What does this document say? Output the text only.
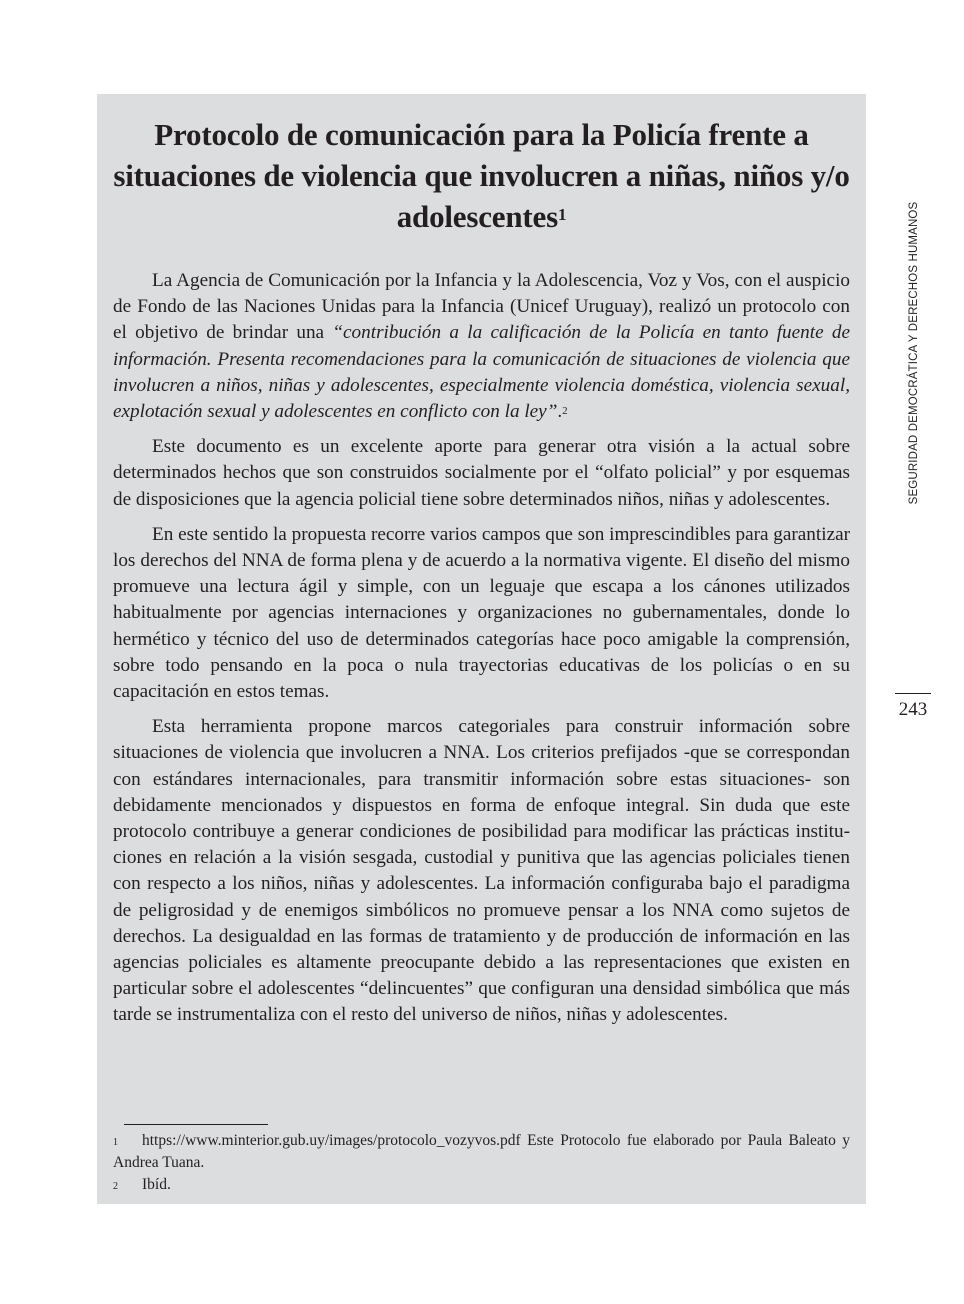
Protocolo de comunicación para la Policía frente a situaciones de violencia que involucren a niñas, niños y/o adolescentes$^1$

La Agencia de Comunicación por la Infancia y la Adolescencia, Voz y Vos, con el auspicio de Fondo de las Naciones Unidas para la Infancia (Unicef Uruguay), realizó un protocolo con el objetivo de brindar una “contribución a la calificación de la Policía en tanto fuente de información. Presenta recomendaciones para la comunicación de situaciones de violencia que involucren a niños, niñas y adolescentes, especialmente violencia doméstica, violencia sexual, explotación sexual y adolescentes en conflicto con la ley”.$^2$

Este documento es un excelente aporte para generar otra visión a la actual sobre determinados hechos que son construidos socialmente por el “olfato policial” y por esquemas de disposiciones que la agencia policial tiene sobre determinados niños, niñas y adolescentes.

En este sentido la propuesta recorre varios campos que son imprescindibles para garantizar los derechos del NNA de forma plena y de acuerdo a la normativa vigente. El diseño del mismo promueve una lectura ágil y simple, con un leguaje que escapa a los cánones utilizados habitualmente por agencias internaciones y organizaciones no gubernamentales, donde lo hermético y técnico del uso de determinados categorías hace poco amigable la comprensión, sobre todo pensando en la poca o nula trayectorias educativas de los policías o en su capacitación en estos temas.

Esta herramienta propone marcos categoriales para construir información sobre situaciones de violencia que involucren a NNA. Los criterios prefijados -que se correspondan con estándares internacionales, para transmitir información sobre estas situaciones- son debidamente mencionados y dispuestos en forma de enfoque integral. Sin duda que este protocolo contribuye a generar condiciones de posibilidad para modificar las prácticas instituciones en relación a la visión sesgada, custodial y punitiva que las agencias policiales tienen con respecto a los niños, niñas y adolescentes. La información configuraba bajo el paradigma de peligrosidad y de enemigos simbólicos no promueve pensar a los NNA como sujetos de derechos. La desigualdad en las formas de tratamiento y de producción de información en las agencias policiales es altamente preocupante debido a las representaciones que existen en particular sobre el adolescentes “delincuentes” que configuran una densidad simbólica que más tarde se instrumentaliza con el resto del universo de niños, niñas y adolescentes.

1 https://www.minterior.gub.uy/images/protocolo_vozyvos.pdf Este Protocolo fue elaborado por Paula Baleato y Andrea Tuana.

2 Ibíd.

SEGURIDAD DEMOCRÁTICA Y DERECHOS HUMANOS
243
